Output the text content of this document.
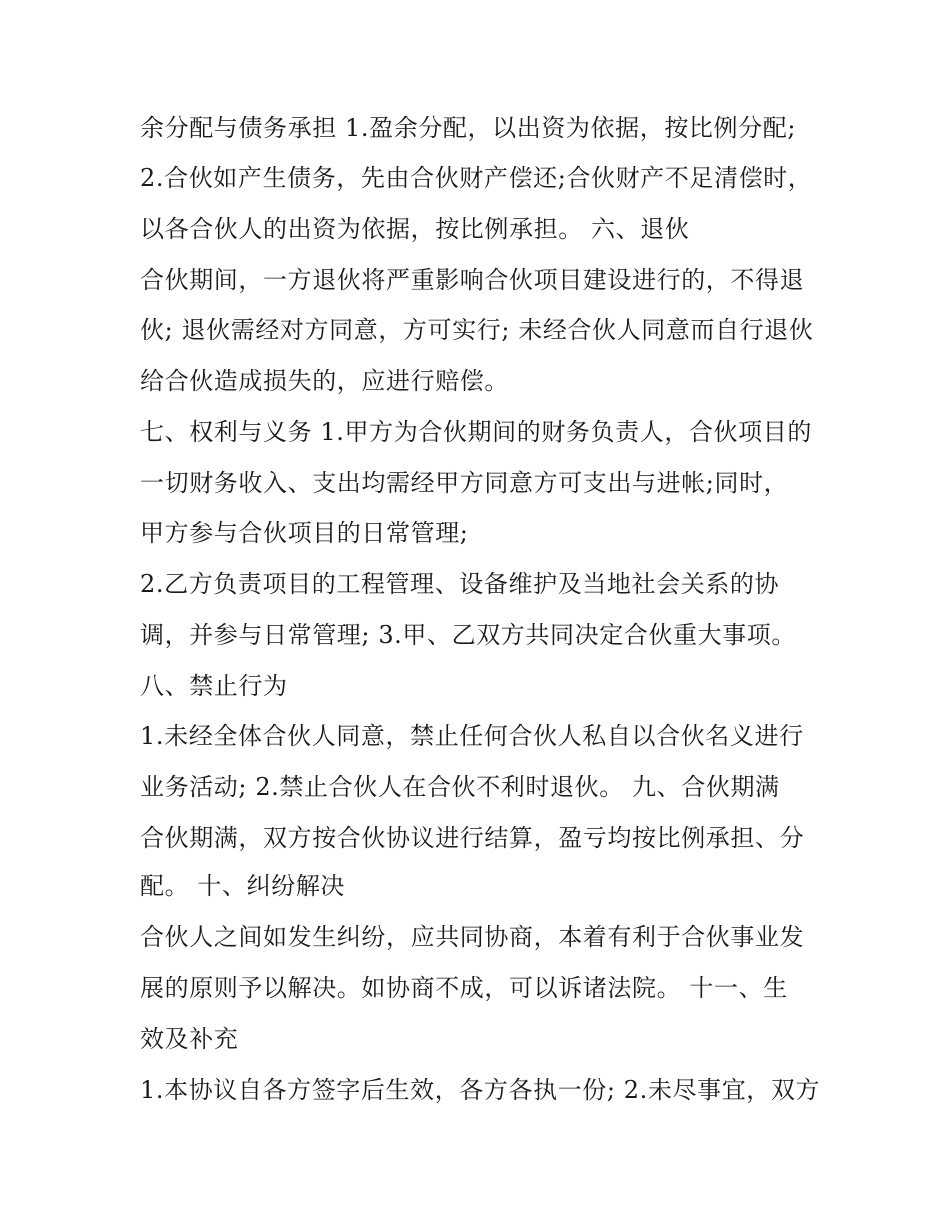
余分配与债务承担 1.盈余分配，以出资为依据，按比例分配;
2.合伙如产生债务，先由合伙财产偿还;合伙财产不足清偿时，
以各合伙人的出资为依据，按比例承担。 六、退伙
合伙期间，一方退伙将严重影响合伙项目建设进行的，不得退
伙; 退伙需经对方同意，方可实行; 未经合伙人同意而自行退伙
给合伙造成损失的，应进行赔偿。
七、权利与义务 1.甲方为合伙期间的财务负责人，合伙项目的
一切财务收入、支出均需经甲方同意方可支出与进帐;同时，
甲方参与合伙项目的日常管理;
2.乙方负责项目的工程管理、设备维护及当地社会关系的协
调，并参与日常管理; 3.甲、乙双方共同决定合伙重大事项。
八、禁止行为
1.未经全体合伙人同意，禁止任何合伙人私自以合伙名义进行
业务活动; 2.禁止合伙人在合伙不利时退伙。 九、合伙期满
合伙期满，双方按合伙协议进行结算，盈亏均按比例承担、分
配。 十、纠纷解决
合伙人之间如发生纠纷，应共同协商，本着有利于合伙事业发
展的原则予以解决。如协商不成，可以诉诸法院。 十一、生
效及补充
1.本协议自各方签字后生效，各方各执一份; 2.未尽事宜，双方
